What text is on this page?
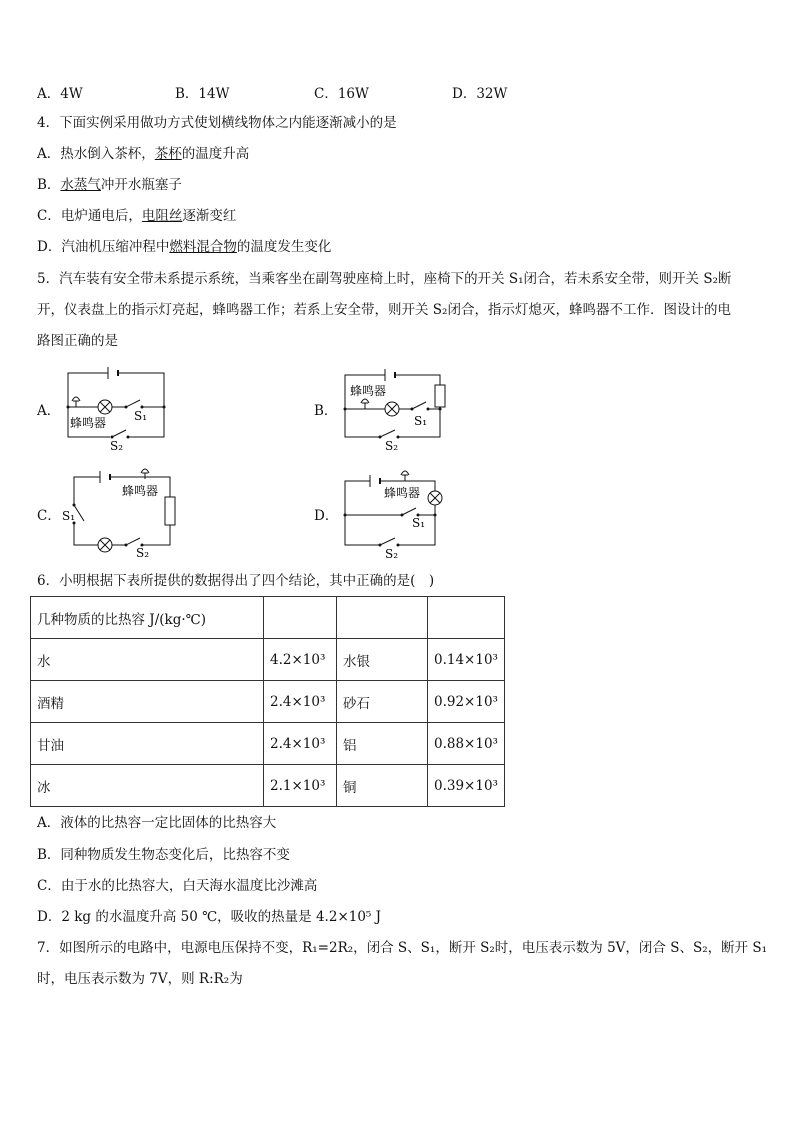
A．4W	B．14W	C．16W	D．32W
4．下面实例采用做功方式使划横线物体之内能逐渐减小的是
A．热水倒入茶杯，茶杯的温度升高
B．水蒸气冲开水瓶塞子
C．电炉通电后，电阻丝逐渐变红
D．汽油机压缩冲程中燃料混合物的温度发生变化
5．汽车装有安全带未系提示系统，当乘客坐在副驾驶座椅上时，座椅下的开关 S₁闭合，若未系安全带，则开关 S₂断
开，仪表盘上的指示灯亮起，蜂鸣器工作；若系上安全带，则开关 S₂闭合，指示灯熄灭，蜂鸣器不工作．图设计的电
路图正确的是
A．	B．
C．	D．
蜂鸣器 S₁
S₂
蜂鸣器
S₁
S₂
蜂鸣器
S₁
S₂
蜂鸣器
S₁
S₂
6．小明根据下表所提供的数据得出了四个结论，其中正确的是(　)
几种物质的比热容 J/(kg·℃)			
水	4.2×10³	水银	0.14×10³
酒精	2.4×10³	砂石	0.92×10³
甘油	2.4×10³	铝	0.88×10³
冰	2.1×10³	铜	0.39×10³
A．液体的比热容一定比固体的比热容大
B．同种物质发生物态变化后，比热容不变
C．由于水的比热容大，白天海水温度比沙滩高
D．2 kg 的水温度升高 50 ℃，吸收的热量是 4.2×10⁵ J
7．如图所示的电路中，电源电压保持不变，R₁=2R₂，闭合 S、S₁，断开 S₂时，电压表示数为 5V，闭合 S、S₂，断开 S₁
时，电压表示数为 7V，则 R:R₂为
